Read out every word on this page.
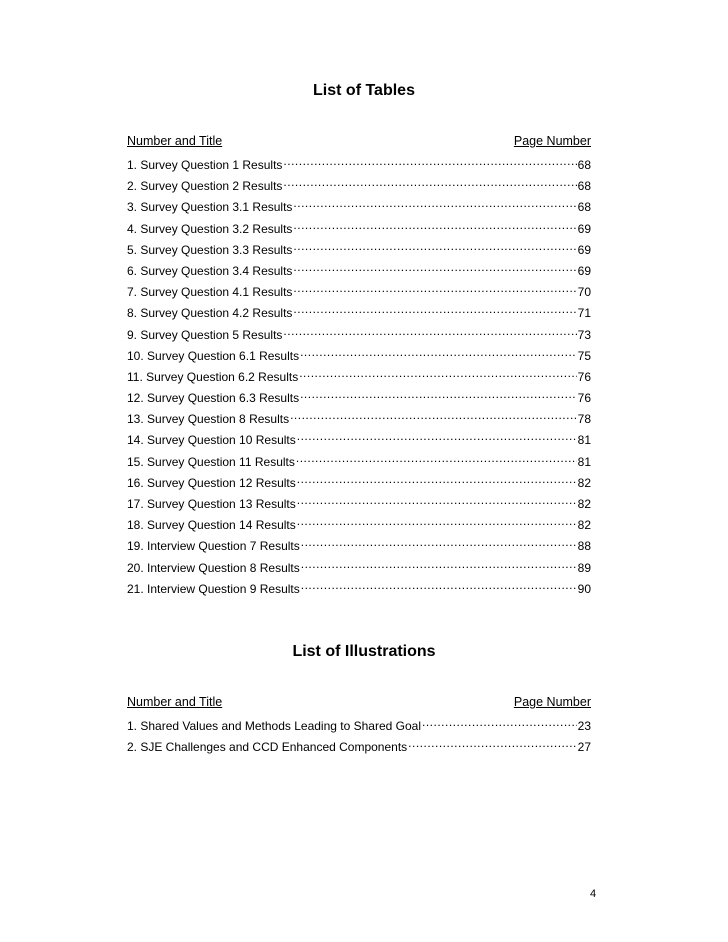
List of Tables
Number and Title	Page Number
1. Survey Question 1 Results .....	68
2. Survey Question 2 Results .....	68
3. Survey Question 3.1 Results .....	68
4. Survey Question 3.2 Results .....	69
5. Survey Question 3.3 Results .....	69
6. Survey Question 3.4 Results .....	69
7. Survey Question 4.1 Results .....	70
8. Survey Question 4.2 Results .....	71
9. Survey Question 5 Results .....	73
10. Survey Question 6.1 Results .....	75
11. Survey Question 6.2 Results .....	76
12. Survey Question 6.3 Results .....	76
13. Survey Question 8 Results .....	78
14. Survey Question 10 Results .....	81
15. Survey Question 11 Results .....	81
16. Survey Question 12 Results .....	82
17. Survey Question 13 Results .....	82
18. Survey Question 14 Results .....	82
19. Interview Question 7 Results .....	88
20. Interview Question 8 Results .....	89
21. Interview Question 9 Results .....	90
List of Illustrations
Number and Title	Page Number
1. Shared Values and Methods Leading to Shared Goal .....	23
2. SJE Challenges and CCD Enhanced Components .....	27
4
